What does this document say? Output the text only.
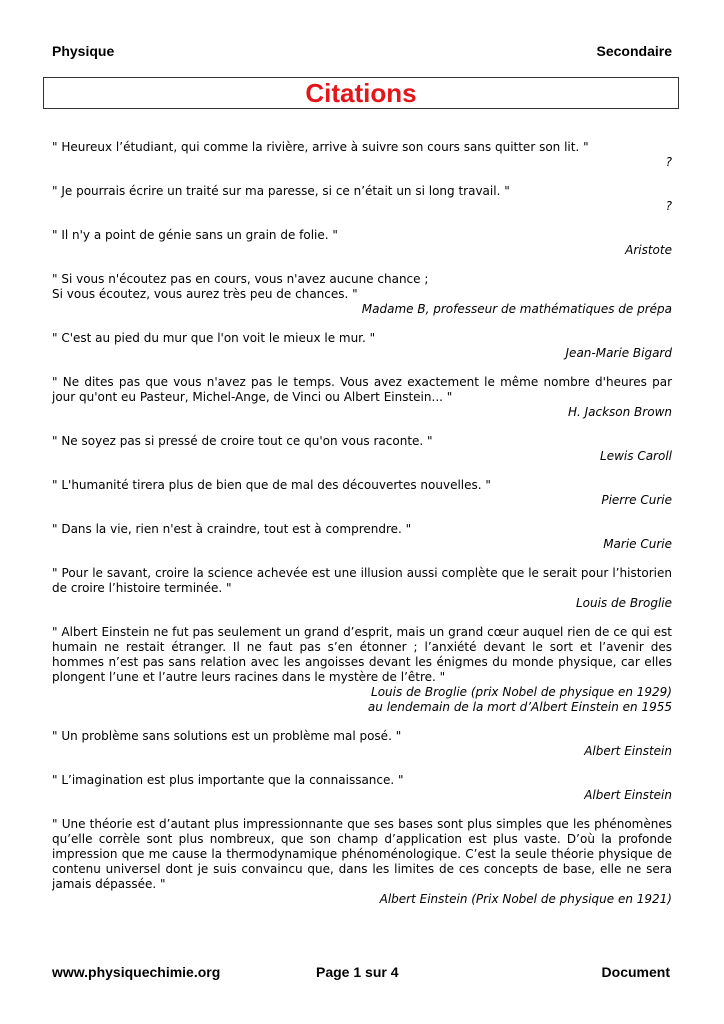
Physique	Secondaire
Citations

" Heureux l’étudiant, qui comme la rivière, arrive à suivre son cours sans quitter son lit. "

?

" Je pourrais écrire un traité sur ma paresse, si ce n’était un si long travail. "

?

" Il n'y a point de génie sans un grain de folie. "

Aristote

" Si vous n'écoutez pas en cours, vous n'avez aucune chance ;
Si vous écoutez, vous aurez très peu de chances. "

Madame B, professeur de mathématiques de prépa

" C'est au pied du mur que l'on voit le mieux le mur. "

Jean-Marie Bigard

" Ne dites pas que vous n'avez pas le temps. Vous avez exactement le même nombre d'heures par jour qu'ont eu Pasteur, Michel-Ange, de Vinci ou Albert Einstein... "

H. Jackson Brown

" Ne soyez pas si pressé de croire tout ce qu'on vous raconte. "

Lewis Caroll

" L'humanité tirera plus de bien que de mal des découvertes nouvelles. "

Pierre Curie

" Dans la vie, rien n'est à craindre, tout est à comprendre. "

Marie Curie

" Pour le savant, croire la science achevée est une illusion aussi complète que le serait pour l’historien de croire l’histoire terminée. "

Louis de Broglie

" Albert Einstein ne fut pas seulement un grand d’esprit, mais un grand cœur auquel rien de ce qui est humain ne restait étranger. Il ne faut pas s’en étonner ; l’anxiété devant le sort et l’avenir des hommes n’est pas sans relation avec les angoisses devant les énigmes du monde physique, car elles plongent l’une et l’autre leurs racines dans le mystère de l’être. "

Louis de Broglie (prix Nobel de physique en 1929)

au lendemain de la mort d’Albert Einstein en 1955

" Un problème sans solutions est un problème mal posé. "

Albert Einstein

" L’imagination est plus importante que la connaissance. "

Albert Einstein

" Une théorie est d’autant plus impressionnante que ses bases sont plus simples que les phénomènes qu’elle corrèle sont plus nombreux, que son champ d’application est plus vaste. D’où la profonde impression que me cause la thermodynamique phénoménologique. C’est la seule théorie physique de contenu universel dont je suis convaincu que, dans les limites de ces concepts de base, elle ne sera jamais dépassée. "

Albert Einstein (Prix Nobel de physique en 1921)

www.physiquechimie.org	Page 1 sur 4	Document
